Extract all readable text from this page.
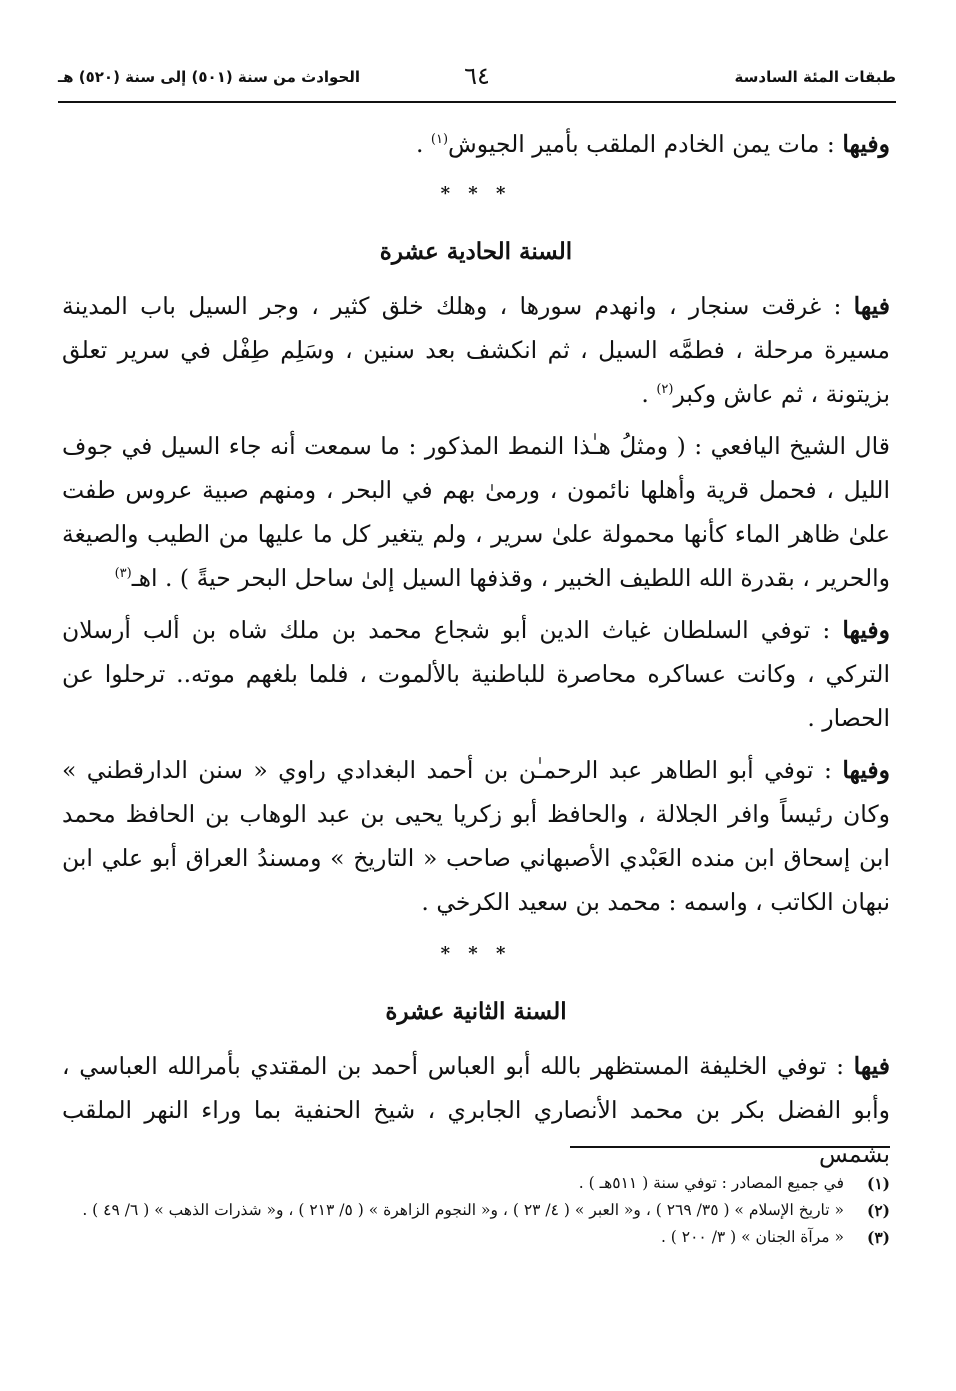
طبقات المئة السادسة
٦٤
الحوادث من سنة (٥٠١) إلى سنة (٥٢٠) هـ

وفيها : مات يمن الخادم الملقب بأمير الجيوش$^{(١)}$ .

* * *
السنة الحادية عشرة

فيها : غرقت سنجار ، وانهدم سورها ، وهلك خلق كثير ، وجر السيل باب المدينة مسيرة مرحلة ، فطمَّه السيل ، ثم انكشف بعد سنين ، وسَلِم طِفْل في سرير تعلق بزيتونة ، ثم عاش وكبر$^{(٢)}$ .

قال الشيخ اليافعي : ( ومثلُ هـٰذا النمط المذكور : ما سمعت أنه جاء السيل في جوف الليل ، فحمل قرية وأهلها نائمون ، ورمىٰ بهم في البحر ، ومنهم صبية عروس طفت علىٰ ظاهر الماء كأنها محمولة علىٰ سرير ، ولم يتغير كل ما عليها من الطيب والصيغة والحرير ، بقدرة الله اللطيف الخبير ، وقذفها السيل إلىٰ ساحل البحر حيةً ) . اهـ$^{(٣)}$

وفيها : توفي السلطان غياث الدين أبو شجاع محمد بن ملك شاه بن ألب أرسلان التركي ، وكانت عساكره محاصرة للباطنية بالألموت ، فلما بلغهم موته.. ترحلوا عن الحصار .

وفيها : توفي أبو الطاهر عبد الرحمـٰن بن أحمد البغدادي راوي « سنن الدارقطني » وكان رئيساً وافر الجلالة ، والحافظ أبو زكريا يحيى بن عبد الوهاب بن الحافظ محمد ابن إسحاق ابن منده العَبْدي الأصبهاني صاحب « التاريخ » ومسندُ العراق أبو علي ابن نبهان الكاتب ، واسمه : محمد بن سعيد الكرخي .

* * *
السنة الثانية عشرة

فيها : توفي الخليفة المستظهر بالله أبو العباس أحمد بن المقتدي بأمرالله العباسي ، وأبو الفضل بكر بن محمد الأنصاري الجابري ، شيخ الحنفية بما وراء النهر الملقب بشمس

(١)
في جميع المصادر : توفي سنة ( ٥١١هـ ) .
(٢)
« تاريخ الإسلام » ( ٣٥/ ٢٦٩ ) ، و« العبر » ( ٤/ ٢٣ ) ، و« النجوم الزاهرة » ( ٥/ ٢١٣ ) ، و« شذرات الذهب » ( ٦/ ٤٩ ) .
(٣)
« مرآة الجنان » ( ٣/ ٢٠٠ ) .
